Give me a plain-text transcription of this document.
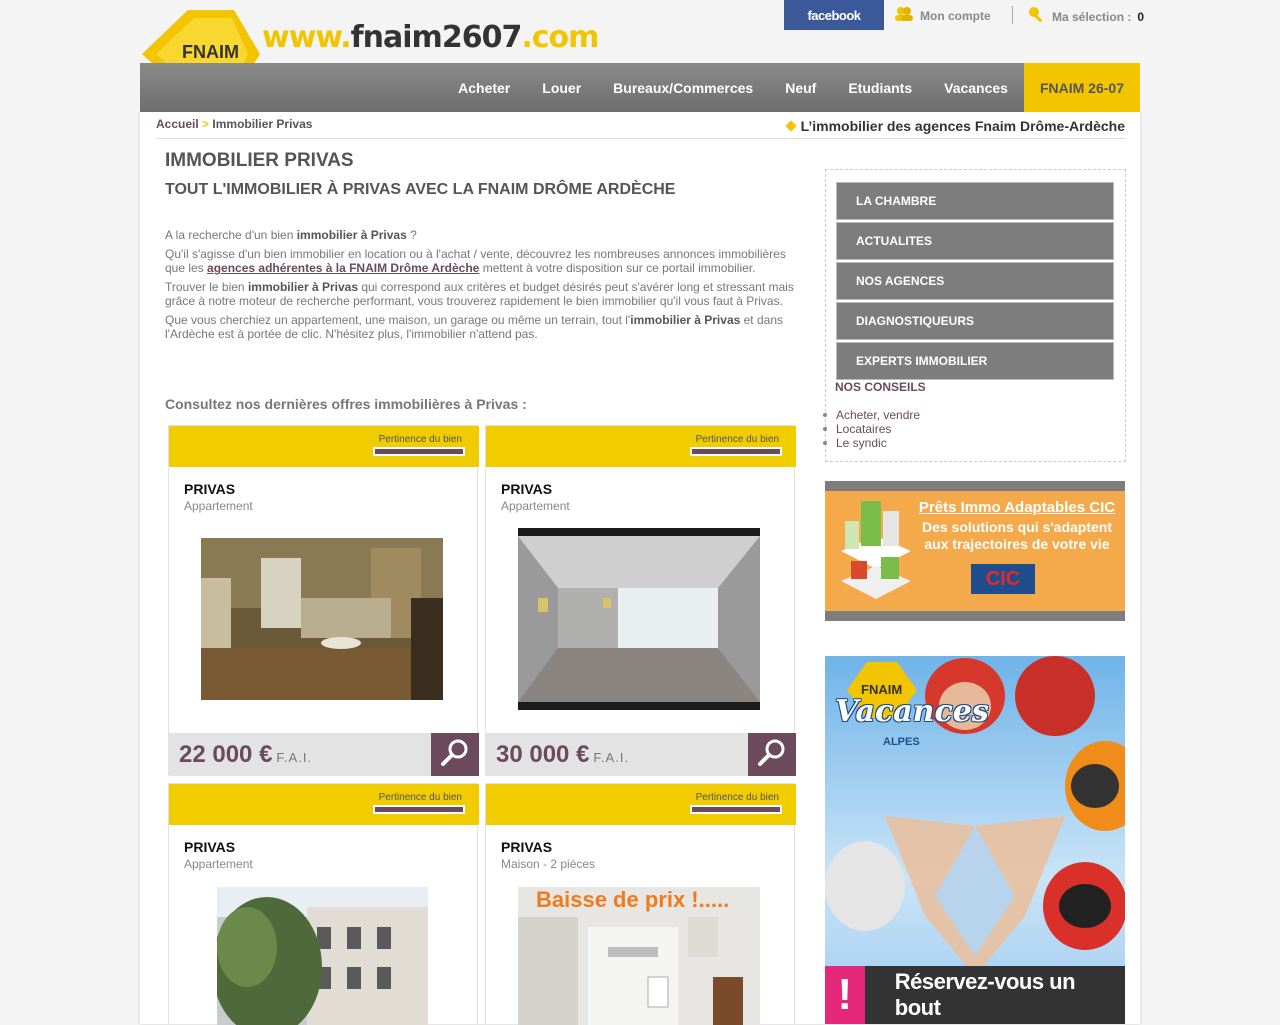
FNAIM www.fnaim2607.com
facebook	Mon compte	Ma sélection : 0
Acheter	Louer	Bureaux/Commerces	Neuf	Etudiants	Vacances	FNAIM 26-07
Accueil > Immobilier Privas	L’immobilier des agences Fnaim Drôme-Ardèche
IMMOBILIER PRIVAS
TOUT L'IMMOBILIER À PRIVAS AVEC LA FNAIM DRÔME ARDÈCHE

A la recherche d'un bien immobilier à Privas ?

Qu'il s'agisse d'un bien immobilier en location ou à l'achat / vente, découvrez les nombreuses annonces immobilières que les agences adhérentes à la FNAIM Drôme Ardèche mettent à votre disposition sur ce portail immobilier.

Trouver le bien immobilier à Privas qui correspond aux critères et budget désirés peut s'avérer long et stressant mais grâce à notre moteur de recherche performant, vous trouverez rapidement le bien immobilier qu'il vous faut à Privas.

Que vous cherchiez un appartement, une maison, un garage ou même un terrain, tout l'immobilier à Privas et dans l'Ardèche est à portée de clic. N'hésitez plus, l'immobilier n'attend pas.

Consultez nos dernières offres immobilières à Privas :
Pertinence du bien
PRIVAS
Appartement
22 000 € F.A.I.
Pertinence du bien
PRIVAS
Appartement
30 000 € F.A.I.
Pertinence du bien
PRIVAS
Appartement
Pertinence du bien
PRIVAS
Maison - 2 pièces
Baisse de prix !.....
LA CHAMBRE
ACTUALITES
NOS AGENCES
DIAGNOSTIQUEURS
EXPERTS IMMOBILIER
NOS CONSEILS
Acheter, vendre
Locataires
Le syndic
Prêts Immo Adaptables CIC
Des solutions qui s'adaptent
aux trajectoires de votre vie
C I C
FNAIM
Vacances
ALPES
!	Réservez-vous un bout
